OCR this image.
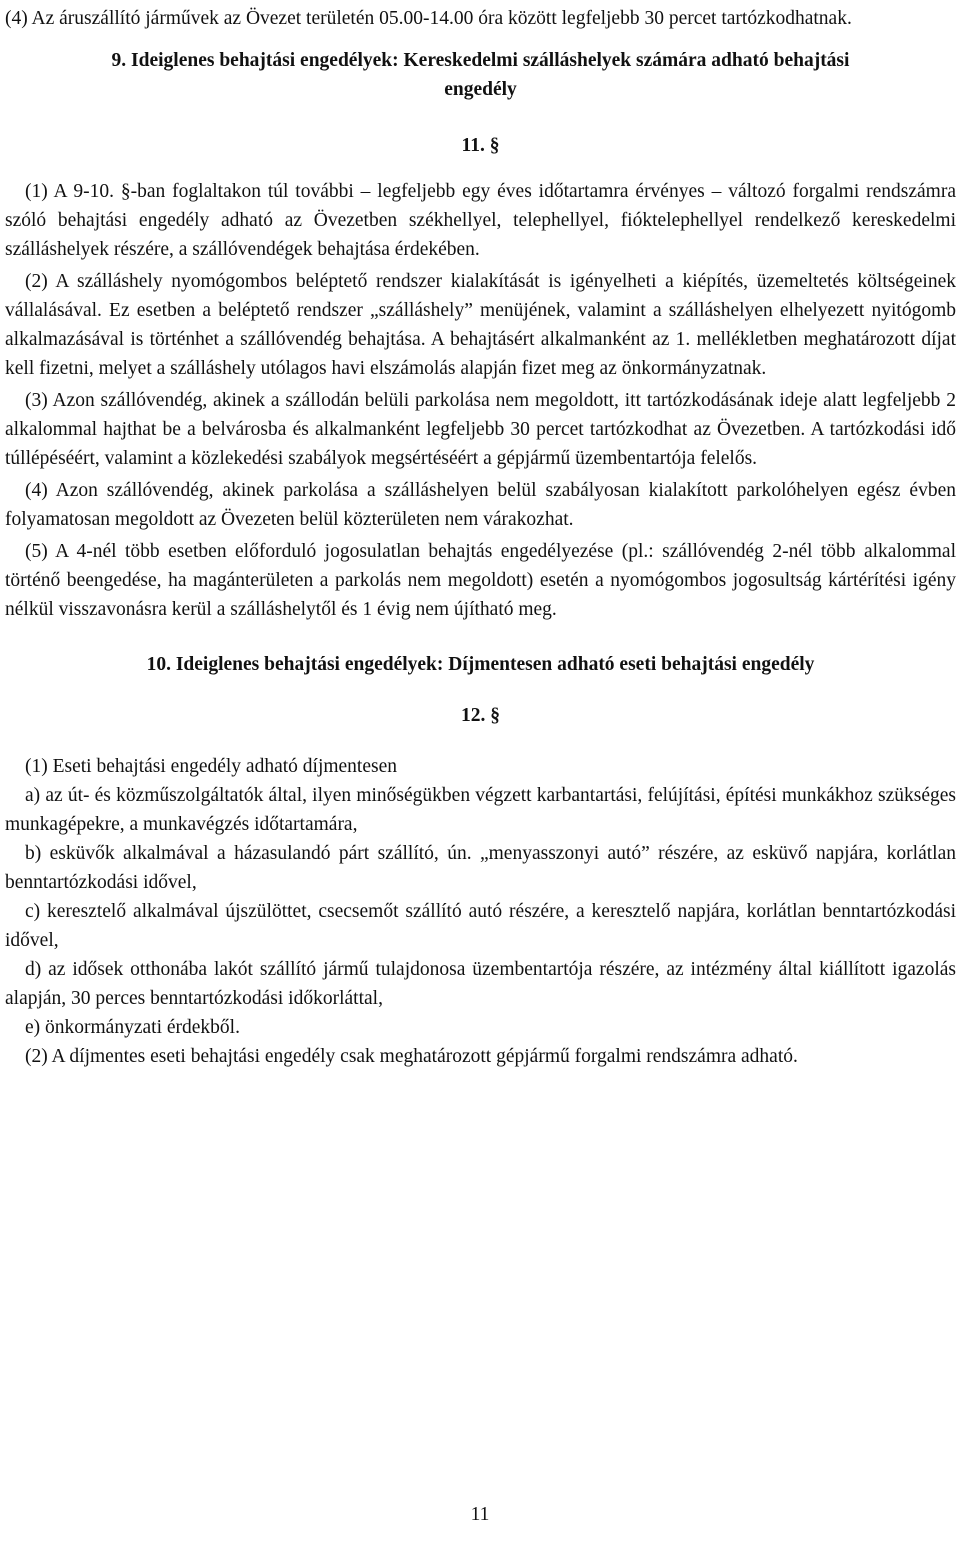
(4) Az áruszállító járművek az Övezet területén 05.00-14.00 óra között legfeljebb 30 percet tartózkodhatnak.

9. Ideiglenes behajtási engedélyek: Kereskedelmi szálláshelyek számára adható behajtási engedély

11. §

(1) A 9-10. §-ban foglaltakon túl további – legfeljebb egy éves időtartamra érvényes – változó forgalmi rendszámra szóló behajtási engedély adható az Övezetben székhellyel, telephellyel, fióktelephellyel rendelkező kereskedelmi szálláshelyek részére, a szállóvendégek behajtása érdekében.

(2) A szálláshely nyomógombos beléptető rendszer kialakítását is igényelheti a kiépítés, üzemeltetés költségeinek vállalásával. Ez esetben a beléptető rendszer „szálláshely” menüjének, valamint a szálláshelyen elhelyezett nyitógomb alkalmazásával is történhet a szállóvendég behajtása. A behajtásért alkalmanként az 1. mellékletben meghatározott díjat kell fizetni, melyet a szálláshely utólagos havi elszámolás alapján fizet meg az önkormányzatnak.

(3) Azon szállóvendég, akinek a szállodán belüli parkolása nem megoldott, itt tartózkodásának ideje alatt legfeljebb 2 alkalommal hajthat be a belvárosba és alkalmanként legfeljebb 30 percet tartózkodhat az Övezetben. A tartózkodási idő túllépéséért, valamint a közlekedési szabályok megsértéséért a gépjármű üzembentartója felelős.

(4) Azon szállóvendég, akinek parkolása a szálláshelyen belül szabályosan kialakított parkolóhelyen egész évben folyamatosan megoldott az Övezeten belül közterületen nem várakozhat.

(5) A 4-nél több esetben előforduló jogosulatlan behajtás engedélyezése (pl.: szállóvendég 2-nél több alkalommal történő beengedése, ha magánterületen a parkolás nem megoldott) esetén a nyomógombos jogosultság kártérítési igény nélkül visszavonásra kerül a szálláshelytől és 1 évig nem újítható meg.

10. Ideiglenes behajtási engedélyek: Díjmentesen adható eseti behajtási engedély

12. §

(1) Eseti behajtási engedély adható díjmentesen

a) az út- és közműszolgáltatók által, ilyen minőségükben végzett karbantartási, felújítási, építési munkákhoz szükséges munkagépekre, a munkavégzés időtartamára,

b) esküvők alkalmával a házasulandó párt szállító, ún. „menyasszonyi autó” részére, az esküvő napjára, korlátlan benntartózkodási idővel,

c) keresztelő alkalmával újszülöttet, csecsemőt szállító autó részére, a keresztelő napjára, korlátlan benntartózkodási idővel,

d) az idősek otthonába lakót szállító jármű tulajdonosa üzembentartója részére, az intézmény által kiállított igazolás alapján, 30 perces benntartózkodási időkorláttal,

e) önkormányzati érdekből.

(2) A díjmentes eseti behajtási engedély csak meghatározott gépjármű forgalmi rendszámra adható.

11
